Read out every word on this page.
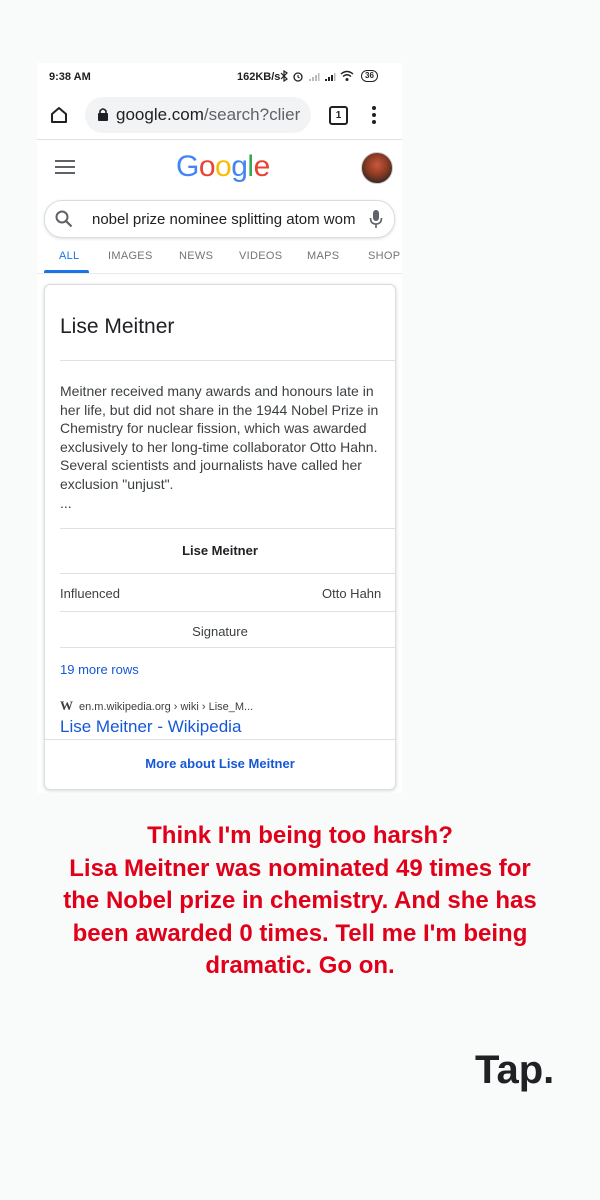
9:38 AM	162KB/s	36
google.com/search?clier	1
Google
nobel prize nominee splitting atom wom
ALL	IMAGES NEWS VIDEOS MAPS	SHOP
Lise Meitner
Meitner received many awards and honours late in her life, but did not share in the 1944 Nobel Prize in Chemistry for nuclear fission, which was awarded exclusively to her long-time collaborator Otto Hahn. Several scientists and journalists have called her exclusion "unjust".
...
Lise Meitner
Influenced	Otto Hahn
Signature
19 more rows
W en.m.wikipedia.org › wiki › Lise_M...
Lise Meitner - Wikipedia
More about Lise Meitner
Think I'm being too harsh?
Lisa Meitner was nominated 49 times for
the Nobel prize in chemistry. And she has
been awarded 0 times. Tell me I'm being
dramatic. Go on.
Tap.
